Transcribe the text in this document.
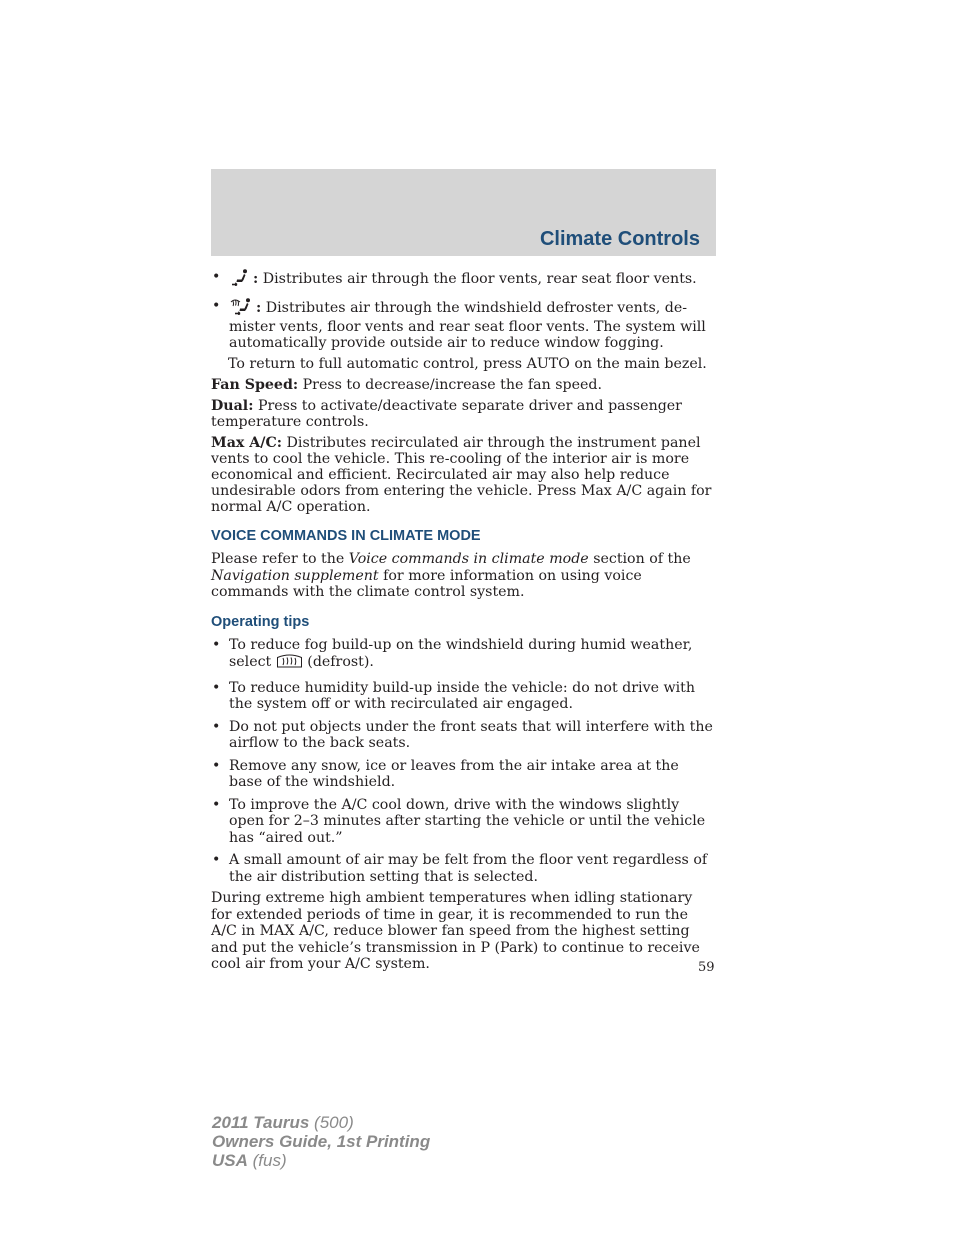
Climate Controls

• : Distributes air through the floor vents, rear seat floor vents.

• : Distributes air through the windshield defroster vents, de-mister vents, floor vents and rear seat floor vents. The system will automatically provide outside air to reduce window fogging.

To return to full automatic control, press AUTO on the main bezel.

Fan Speed: Press to decrease/increase the fan speed.

Dual: Press to activate/deactivate separate driver and passenger temperature controls.

Max A/C: Distributes recirculated air through the instrument panel vents to cool the vehicle. This re-cooling of the interior air is more economical and efficient. Recirculated air may also help reduce undesirable odors from entering the vehicle. Press Max A/C again for normal A/C operation.

VOICE COMMANDS IN CLIMATE MODE

Please refer to the Voice commands in climate mode section of the Navigation supplement for more information on using voice commands with the climate control system.

Operating tips

• To reduce fog build-up on the windshield during humid weather, select  (defrost).

• To reduce humidity build-up inside the vehicle: do not drive with the system off or with recirculated air engaged.

• Do not put objects under the front seats that will interfere with the airflow to the back seats.

• Remove any snow, ice or leaves from the air intake area at the base of the windshield.

• To improve the A/C cool down, drive with the windows slightly open for 2–3 minutes after starting the vehicle or until the vehicle has “aired out.”

• A small amount of air may be felt from the floor vent regardless of the air distribution setting that is selected.

During extreme high ambient temperatures when idling stationary for extended periods of time in gear, it is recommended to run the A/C in MAX A/C, reduce blower fan speed from the highest setting and put the vehicle’s transmission in P (Park) to continue to receive cool air from your A/C system.	59
2011 Taurus (500)
Owners Guide, 1st Printing
USA (fus)
